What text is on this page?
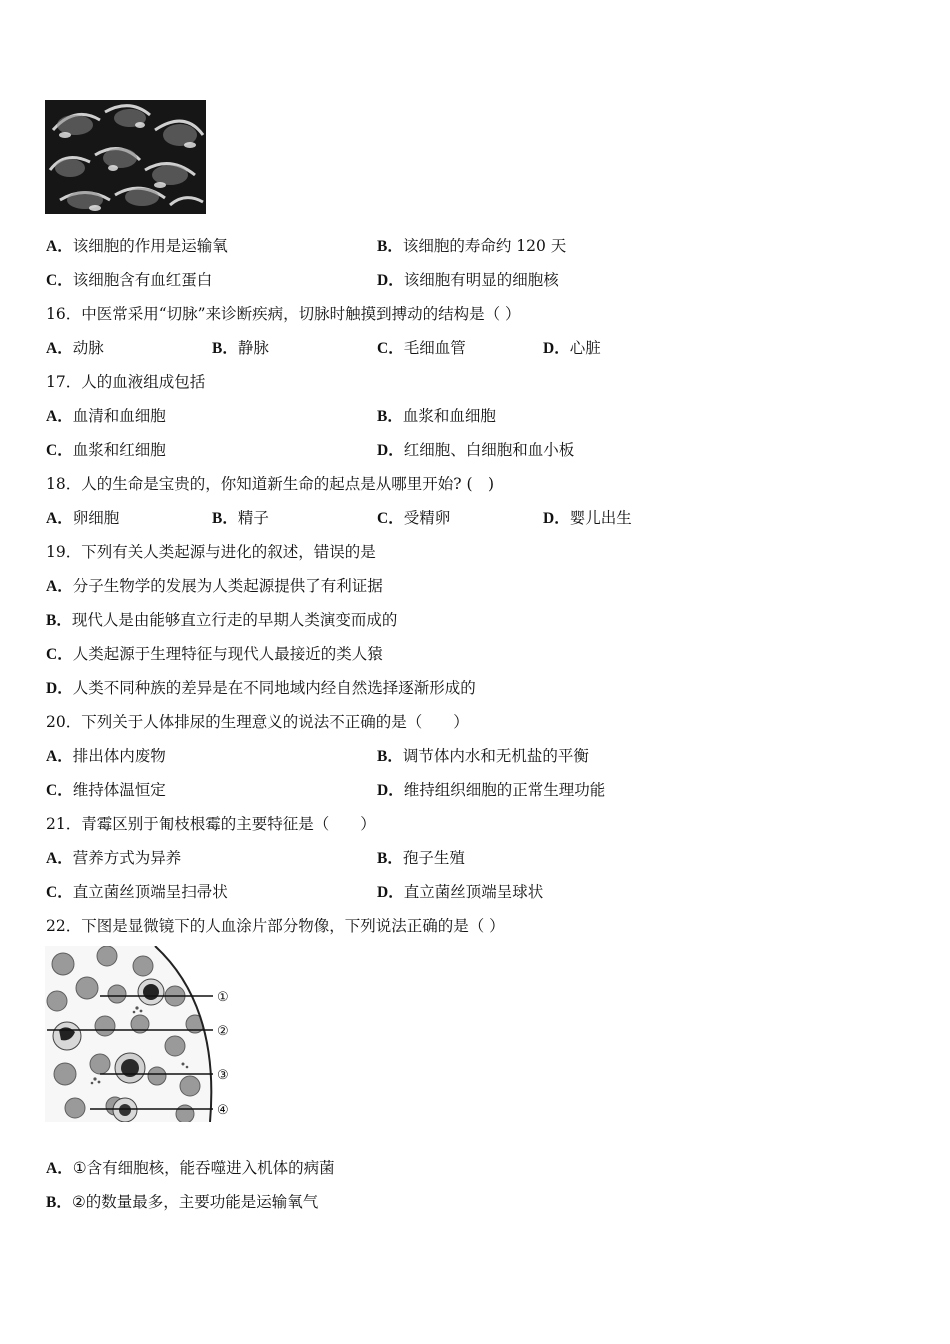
A．该细胞的作用是运输氧	B．该细胞的寿命约 120 天
C．该细胞含有血红蛋白	D．该细胞有明显的细胞核
16．中医常采用“切脉”来诊断疾病，切脉时触摸到搏动的结构是（ ）
A．动脉	B．静脉	C．毛细血管	D．心脏
17．人的血液组成包括
A．血清和血细胞	B．血浆和血细胞
C．血浆和红细胞	D．红细胞、白细胞和血小板
18．人的生命是宝贵的，你知道新生命的起点是从哪里开始? (　)
A．卵细胞	B．精子	C．受精卵	D．婴儿出生
19．下列有关人类起源与进化的叙述，错误的是
A．分子生物学的发展为人类起源提供了有利证据
B．现代人是由能够直立行走的早期人类演变而成的
C．人类起源于生理特征与现代人最接近的类人猿
D．人类不同种族的差异是在不同地域内经自然选择逐渐形成的
20．下列关于人体排尿的生理意义的说法不正确的是（　　）
A．排出体内废物	B．调节体内水和无机盐的平衡
C．维持体温恒定	D．维持组织细胞的正常生理功能
21．青霉区别于匍枝根霉的主要特征是（　　）
A．营养方式为异养	B．孢子生殖
C．直立菌丝顶端呈扫帚状	D．直立菌丝顶端呈球状
22．下图是显微镜下的人血涂片部分物像，下列说法正确的是（ ）
①
②
③
④
A．①含有细胞核，能吞噬进入机体的病菌
B．②的数量最多，主要功能是运输氧气
